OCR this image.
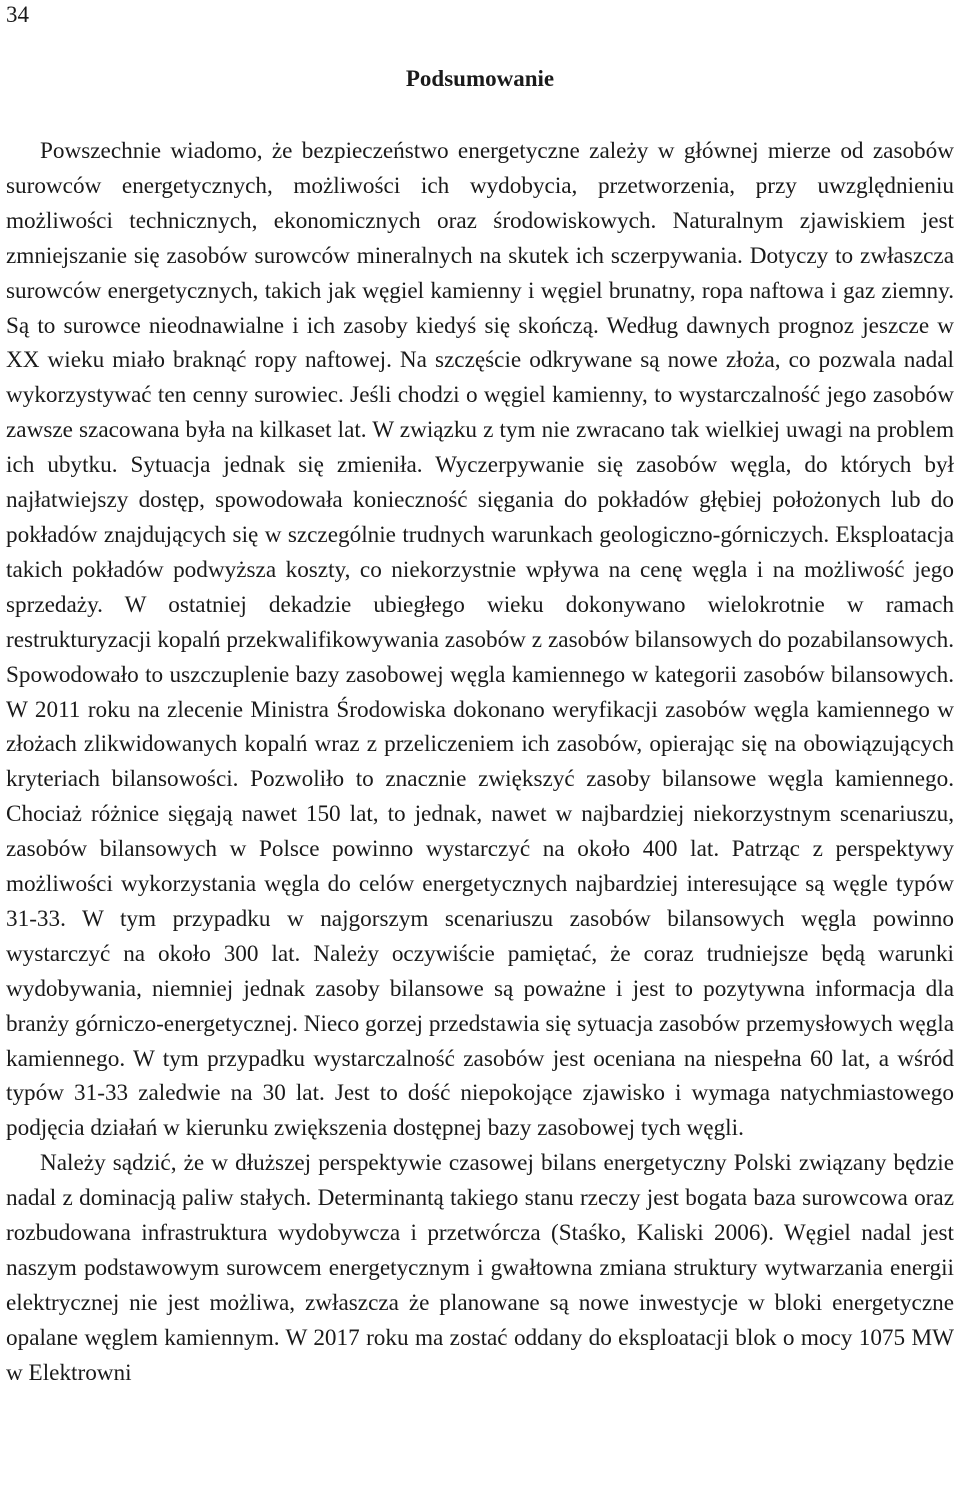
34
Podsumowanie

Powszechnie wiadomo, że bezpieczeństwo energetyczne zależy w głównej mierze od zasobów surowców energetycznych, możliwości ich wydobycia, przetworzenia, przy uwzględnieniu możliwości technicznych, ekonomicznych oraz środowiskowych. Naturalnym zjawiskiem jest zmniejszanie się zasobów surowców mineralnych na skutek ich sczerpywania. Dotyczy to zwłaszcza surowców energetycznych, takich jak węgiel kamienny i węgiel brunatny, ropa naftowa i gaz ziemny. Są to surowce nieodnawialne i ich zasoby kiedyś się skończą. Według dawnych prognoz jeszcze w XX wieku miało braknąć ropy naftowej. Na szczęście odkrywane są nowe złoża, co pozwala nadal wykorzystywać ten cenny surowiec. Jeśli chodzi o węgiel kamienny, to wystarczalność jego zasobów zawsze szacowana była na kilkaset lat. W związku z tym nie zwracano tak wielkiej uwagi na problem ich ubytku. Sytuacja jednak się zmieniła. Wyczerpywanie się zasobów węgla, do których był najłatwiejszy dostęp, spowodowała konieczność sięgania do pokładów głębiej położonych lub do pokładów znajdujących się w szczególnie trudnych warunkach geologiczno-górniczych. Eksploatacja takich pokładów podwyższa koszty, co niekorzystnie wpływa na cenę węgla i na możliwość jego sprzedaży. W ostatniej dekadzie ubiegłego wieku dokonywano wielokrotnie w ramach restrukturyzacji kopalń przekwalifikowywania zasobów z zasobów bilansowych do pozabilansowych. Spowodowało to uszczuplenie bazy zasobowej węgla kamiennego w kategorii zasobów bilansowych. W 2011 roku na zlecenie Ministra Środowiska dokonano weryfikacji zasobów węgla kamiennego w złożach zlikwidowanych kopalń wraz z przeliczeniem ich zasobów, opierając się na obowiązujących kryteriach bilansowości. Pozwoliło to znacznie zwiększyć zasoby bilansowe węgla kamiennego. Chociaż różnice sięgają nawet 150 lat, to jednak, nawet w najbardziej niekorzystnym scenariuszu, zasobów bilansowych w Polsce powinno wystarczyć na około 400 lat. Patrząc z perspektywy możliwości wykorzystania węgla do celów energetycznych najbardziej interesujące są węgle typów 31-33. W tym przypadku w najgorszym scenariuszu zasobów bilansowych węgla powinno wystarczyć na około 300 lat. Należy oczywiście pamiętać, że coraz trudniejsze będą warunki wydobywania, niemniej jednak zasoby bilansowe są poważne i jest to pozytywna informacja dla branży górniczo-energetycznej. Nieco gorzej przedstawia się sytuacja zasobów przemysłowych węgla kamiennego. W tym przypadku wystarczalność zasobów jest oceniana na niespełna 60 lat, a wśród typów 31-33 zaledwie na 30 lat. Jest to dość niepokojące zjawisko i wymaga natychmiastowego podjęcia działań w kierunku zwiększenia dostępnej bazy zasobowej tych węgli.

Należy sądzić, że w dłuższej perspektywie czasowej bilans energetyczny Polski związany będzie nadal z dominacją paliw stałych. Determinantą takiego stanu rzeczy jest bogata baza surowcowa oraz rozbudowana infrastruktura wydobywcza i przetwórcza (Staśko, Kaliski 2006). Węgiel nadal jest naszym podstawowym surowcem energetycznym i gwałtowna zmiana struktury wytwarzania energii elektrycznej nie jest możliwa, zwłaszcza że planowane są nowe inwestycje w bloki energetyczne opalane węglem kamiennym. W 2017 roku ma zostać oddany do eksploatacji blok o mocy 1075 MW w Elektrowni
